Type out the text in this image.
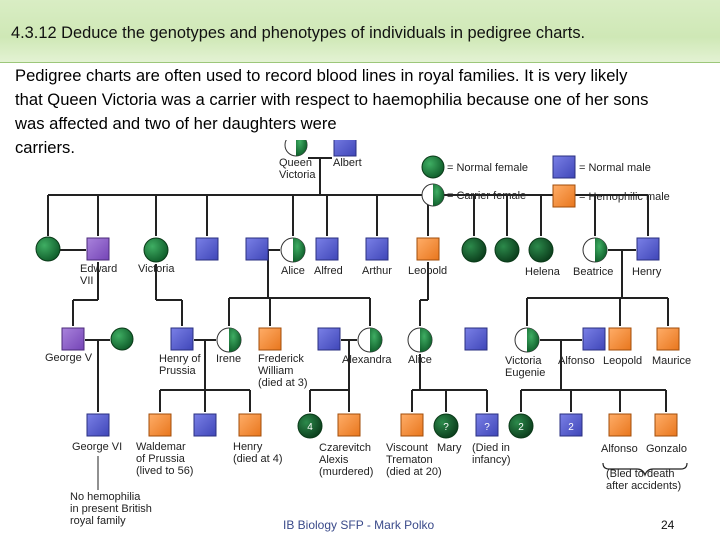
4.3.12 Deduce the genotypes and phenotypes of individuals in pedigree charts.
Pedigree charts are often used to record blood lines in royal families. It is very likely
that Queen Victoria was a carrier with respect to haemophilia because one of her sons
was affected and two of her daughters were
carriers.
= Normal female	= Normal male
= Carrier female	= Hemophilic male
Queen
Victoria
Albert
Edward
VII
Victoria	Alice Alfred Arthur Leopold	Helena Beatrice Henry
George V	Henry of
Prussia
Irene Frederick
William
(died at 3)
Alexandra Alice	Victoria
Eugenie
Alfonso Leopold Maurice
4	?	?	2	2
George VI Waldemar
of Prussia
(lived to 56)
Henry
(died at 4)
Czarevitch
Alexis
(murdered)
Viscount
Trematon
(died at 20)
Mary (Died in
infancy)
Alfonso Gonzalo
(Bled to death
after accidents)
No hemophilia
in present British
royal family	IB Biology SFP - Mark Polko	24
